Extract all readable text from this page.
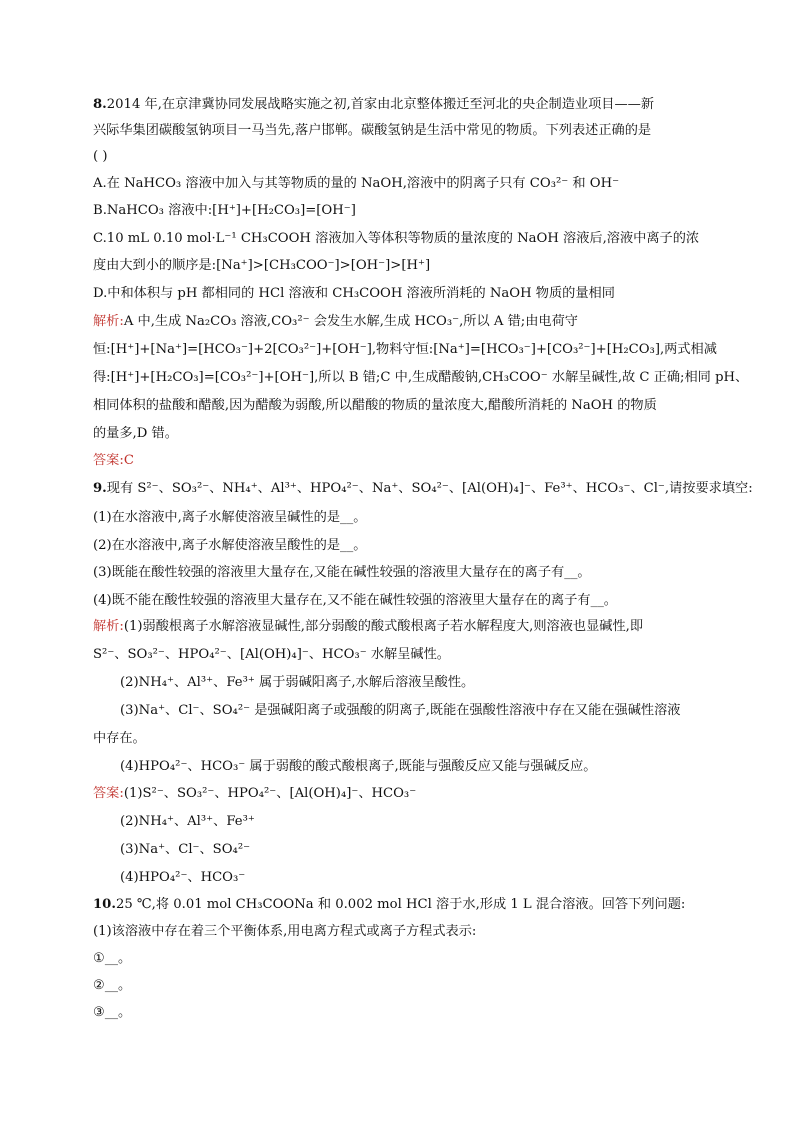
8.2014 年,在京津冀协同发展战略实施之初,首家由北京整体搬迁至河北的央企制造业项目——新
兴际华集团碳酸氢钠项目一马当先,落户邯郸。碳酸氢钠是生活中常见的物质。下列表述正确的是
( )
A.在 NaHCO₃ 溶液中加入与其等物质的量的 NaOH,溶液中的阴离子只有 CO₃²⁻ 和 OH⁻
B.NaHCO₃ 溶液中:[H⁺]+[H₂CO₃]=[OH⁻]
C.10 mL 0.10 mol·L⁻¹ CH₃COOH 溶液加入等体积等物质的量浓度的 NaOH 溶液后,溶液中离子的浓
度由大到小的顺序是:[Na⁺]>[CH₃COO⁻]>[OH⁻]>[H⁺]
D.中和体积与 pH 都相同的 HCl 溶液和 CH₃COOH 溶液所消耗的 NaOH 物质的量相同
解析:A 中,生成 Na₂CO₃ 溶液,CO₃²⁻ 会发生水解,生成 HCO₃⁻,所以 A 错;由电荷守
恒:[H⁺]+[Na⁺]=[HCO₃⁻]+2[CO₃²⁻]+[OH⁻],物料守恒:[Na⁺]=[HCO₃⁻]+[CO₃²⁻]+[H₂CO₃],两式相减
得:[H⁺]+[H₂CO₃]=[CO₃²⁻]+[OH⁻],所以 B 错;C 中,生成醋酸钠,CH₃COO⁻ 水解呈碱性,故 C 正确;相同 pH、
相同体积的盐酸和醋酸,因为醋酸为弱酸,所以醋酸的物质的量浓度大,醋酸所消耗的 NaOH 的物质
的量多,D 错。
答案:C
9.现有 S²⁻、SO₃²⁻、NH₄⁺、Al³⁺、HPO₄²⁻、Na⁺、SO₄²⁻、[Al(OH)₄]⁻、Fe³⁺、HCO₃⁻、Cl⁻,请按要求填空:
(1)在水溶液中,离子水解使溶液呈碱性的是__。
(2)在水溶液中,离子水解使溶液呈酸性的是__。
(3)既能在酸性较强的溶液里大量存在,又能在碱性较强的溶液里大量存在的离子有__。
(4)既不能在酸性较强的溶液里大量存在,又不能在碱性较强的溶液里大量存在的离子有__。
解析:(1)弱酸根离子水解溶液显碱性,部分弱酸的酸式酸根离子若水解程度大,则溶液也显碱性,即
S²⁻、SO₃²⁻、HPO₄²⁻、[Al(OH)₄]⁻、HCO₃⁻ 水解呈碱性。
(2)NH₄⁺、Al³⁺、Fe³⁺ 属于弱碱阳离子,水解后溶液呈酸性。
(3)Na⁺、Cl⁻、SO₄²⁻ 是强碱阳离子或强酸的阴离子,既能在强酸性溶液中存在又能在强碱性溶液
中存在。
(4)HPO₄²⁻、HCO₃⁻ 属于弱酸的酸式酸根离子,既能与强酸反应又能与强碱反应。
答案:(1)S²⁻、SO₃²⁻、HPO₄²⁻、[Al(OH)₄]⁻、HCO₃⁻
(2)NH₄⁺、Al³⁺、Fe³⁺
(3)Na⁺、Cl⁻、SO₄²⁻
(4)HPO₄²⁻、HCO₃⁻
10.25 ℃,将 0.01 mol CH₃COONa 和 0.002 mol HCl 溶于水,形成 1 L 混合溶液。回答下列问题:
(1)该溶液中存在着三个平衡体系,用电离方程式或离子方程式表示:
①__。
②__。
③__。
